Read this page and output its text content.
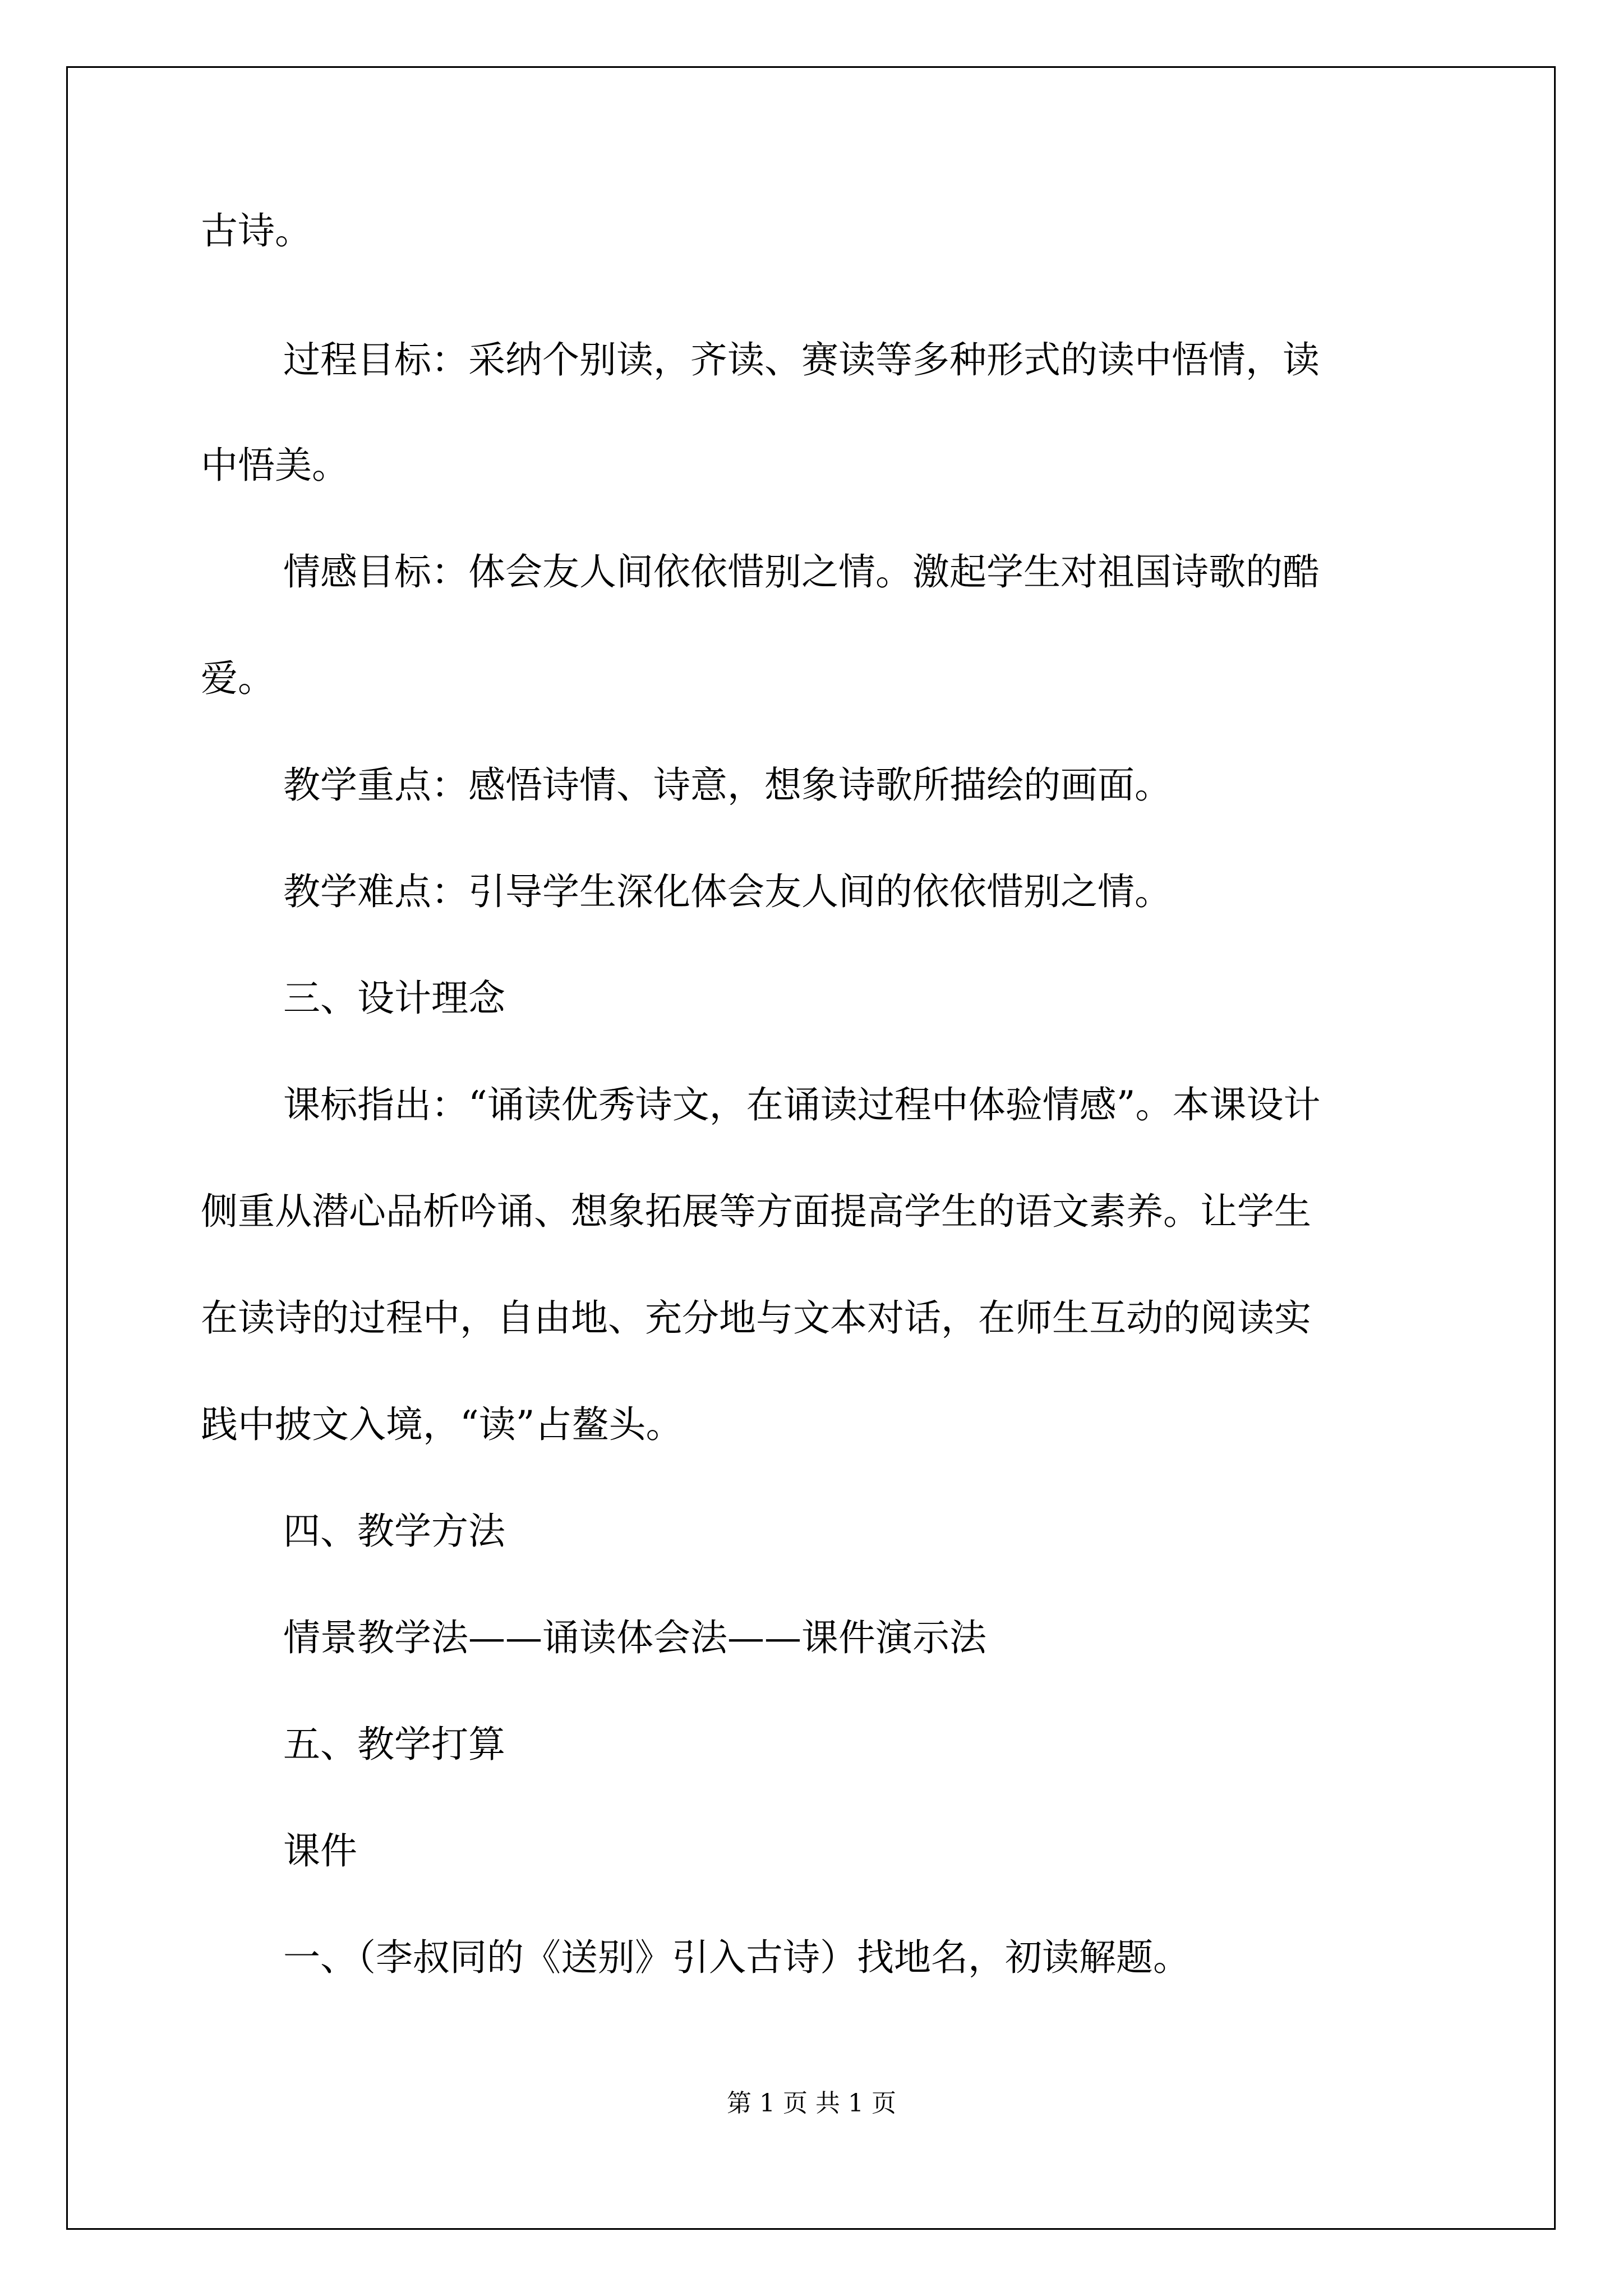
古诗。
过程目标：采纳个别读，齐读、赛读等多种形式的读中悟情，读
中悟美。
情感目标：体会友人间依依惜别之情。激起学生对祖国诗歌的酷
爱。
教学重点：感悟诗情、诗意，想象诗歌所描绘的画面。
教学难点：引导学生深化体会友人间的依依惜别之情。
三、设计理念
课标指出：“诵读优秀诗文，在诵读过程中体验情感”。本课设计
侧重从潜心品析吟诵、想象拓展等方面提高学生的语文素养。让学生
在读诗的过程中，自由地、充分地与文本对话，在师生互动的阅读实
践中披文入境，“读”占鳌头。
四、教学方法
情景教学法——诵读体会法——课件演示法
五、教学打算
课件
一、（李叔同的《送别》引入古诗）找地名，初读解题。
第 1 页 共 1 页
